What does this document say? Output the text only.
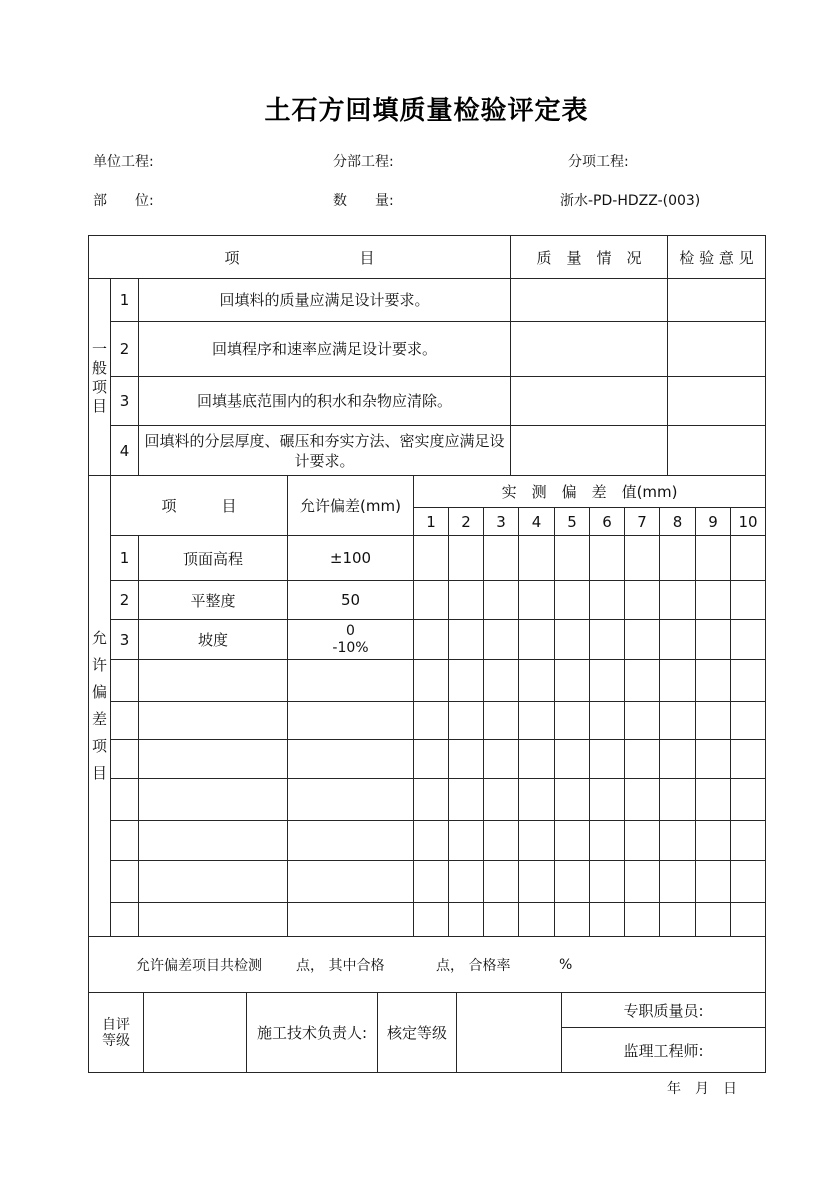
土石方回填质量检验评定表
单位工程:	分部工程:	分项工程:
部　　位:	数　　量:	浙水-PD-HDZZ-(003)
项　　　　　　　　目			质　量　情　况	检 验 意 见

一般项目	1	回填料的质量应满足设计要求。		
	2	回填程序和速率应满足设计要求。		
	3	回填基底范围内的积水和杂物应清除。		
	4	回填料的分层厚度、碾压和夯实方法、密实度应满足设计要求。		
允许偏差项目	项　　　目		允许偏差(mm)	实　测　偏　差　值(mm)									
				1	2	3	4	5	6	7	8	9	10
	1	顶面高程	±100										
	2	平整度	50										
	3	坡度	0
-10%										

允许偏差项目共检测 点， 其中合格	点， 合格率	%
自评等级		施工技术负责人:	核定等级		专职质量员:
监理工程师:
年　月　日
